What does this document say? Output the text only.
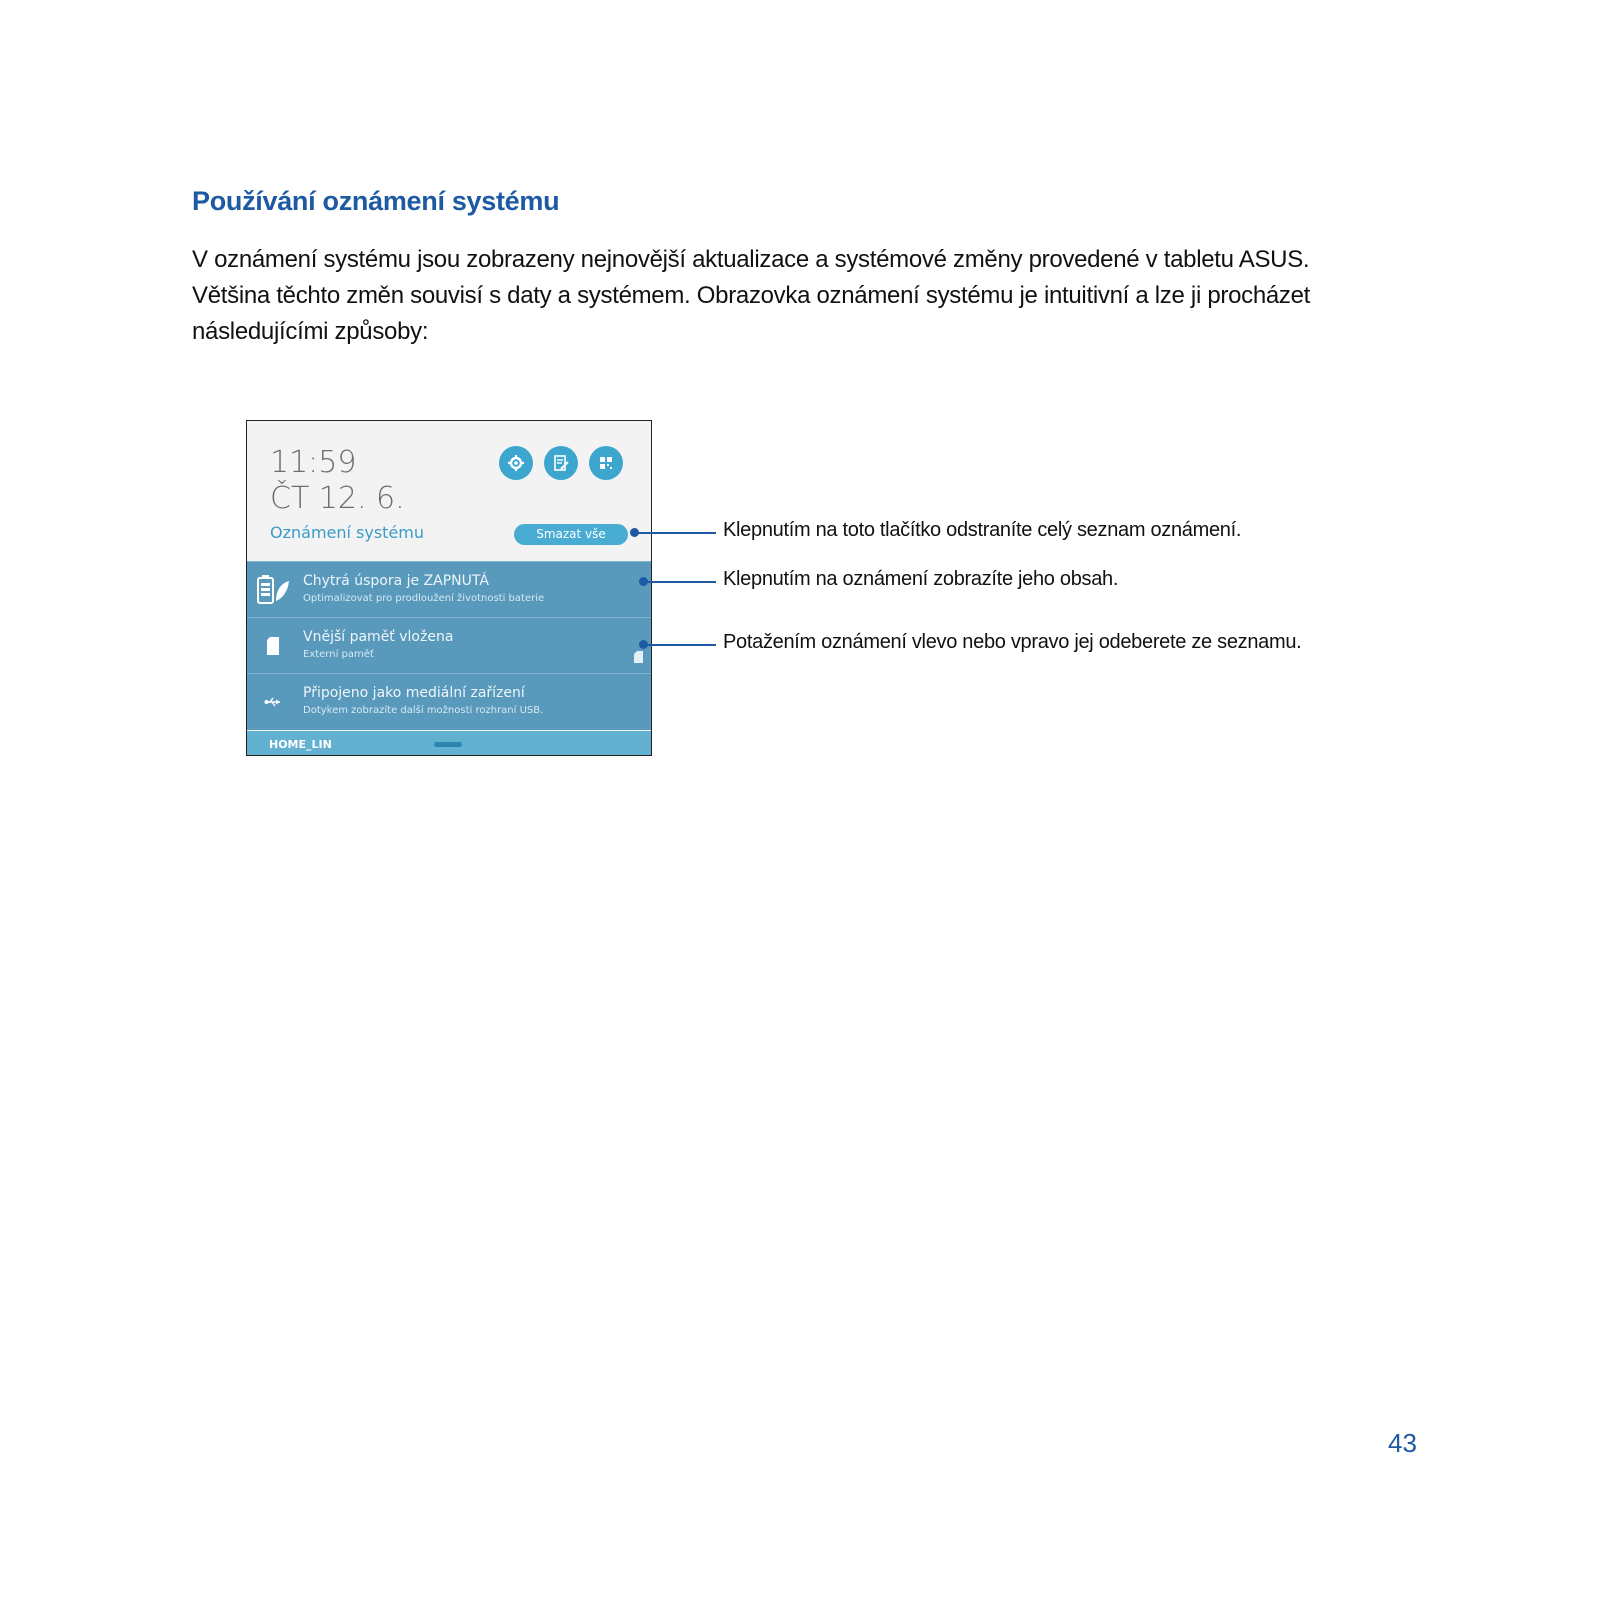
Používání oznámení systému
V oznámení systému jsou zobrazeny nejnovější aktualizace a systémové změny provedené v tabletu ASUS.
Většina těchto změn souvisí s daty a systémem. Obrazovka oznámení systému je intuitivní a lze ji procházet
následujícími způsoby:
11:59
ČT 12. 6.
Oznámení systému	Smazat vše
Chytrá úspora je ZAPNUTÁ
Optimalizovat pro prodloužení životnosti baterie
Vnější paměť vložena
Externí paměť
Připojeno jako mediální zařízení
Dotykem zobrazíte další možnosti rozhraní USB.
HOME_LIN
Klepnutím na toto tlačítko odstraníte celý seznam oznámení.
Klepnutím na oznámení zobrazíte jeho obsah.
Potažením oznámení vlevo nebo vpravo jej odeberete ze seznamu.
43
